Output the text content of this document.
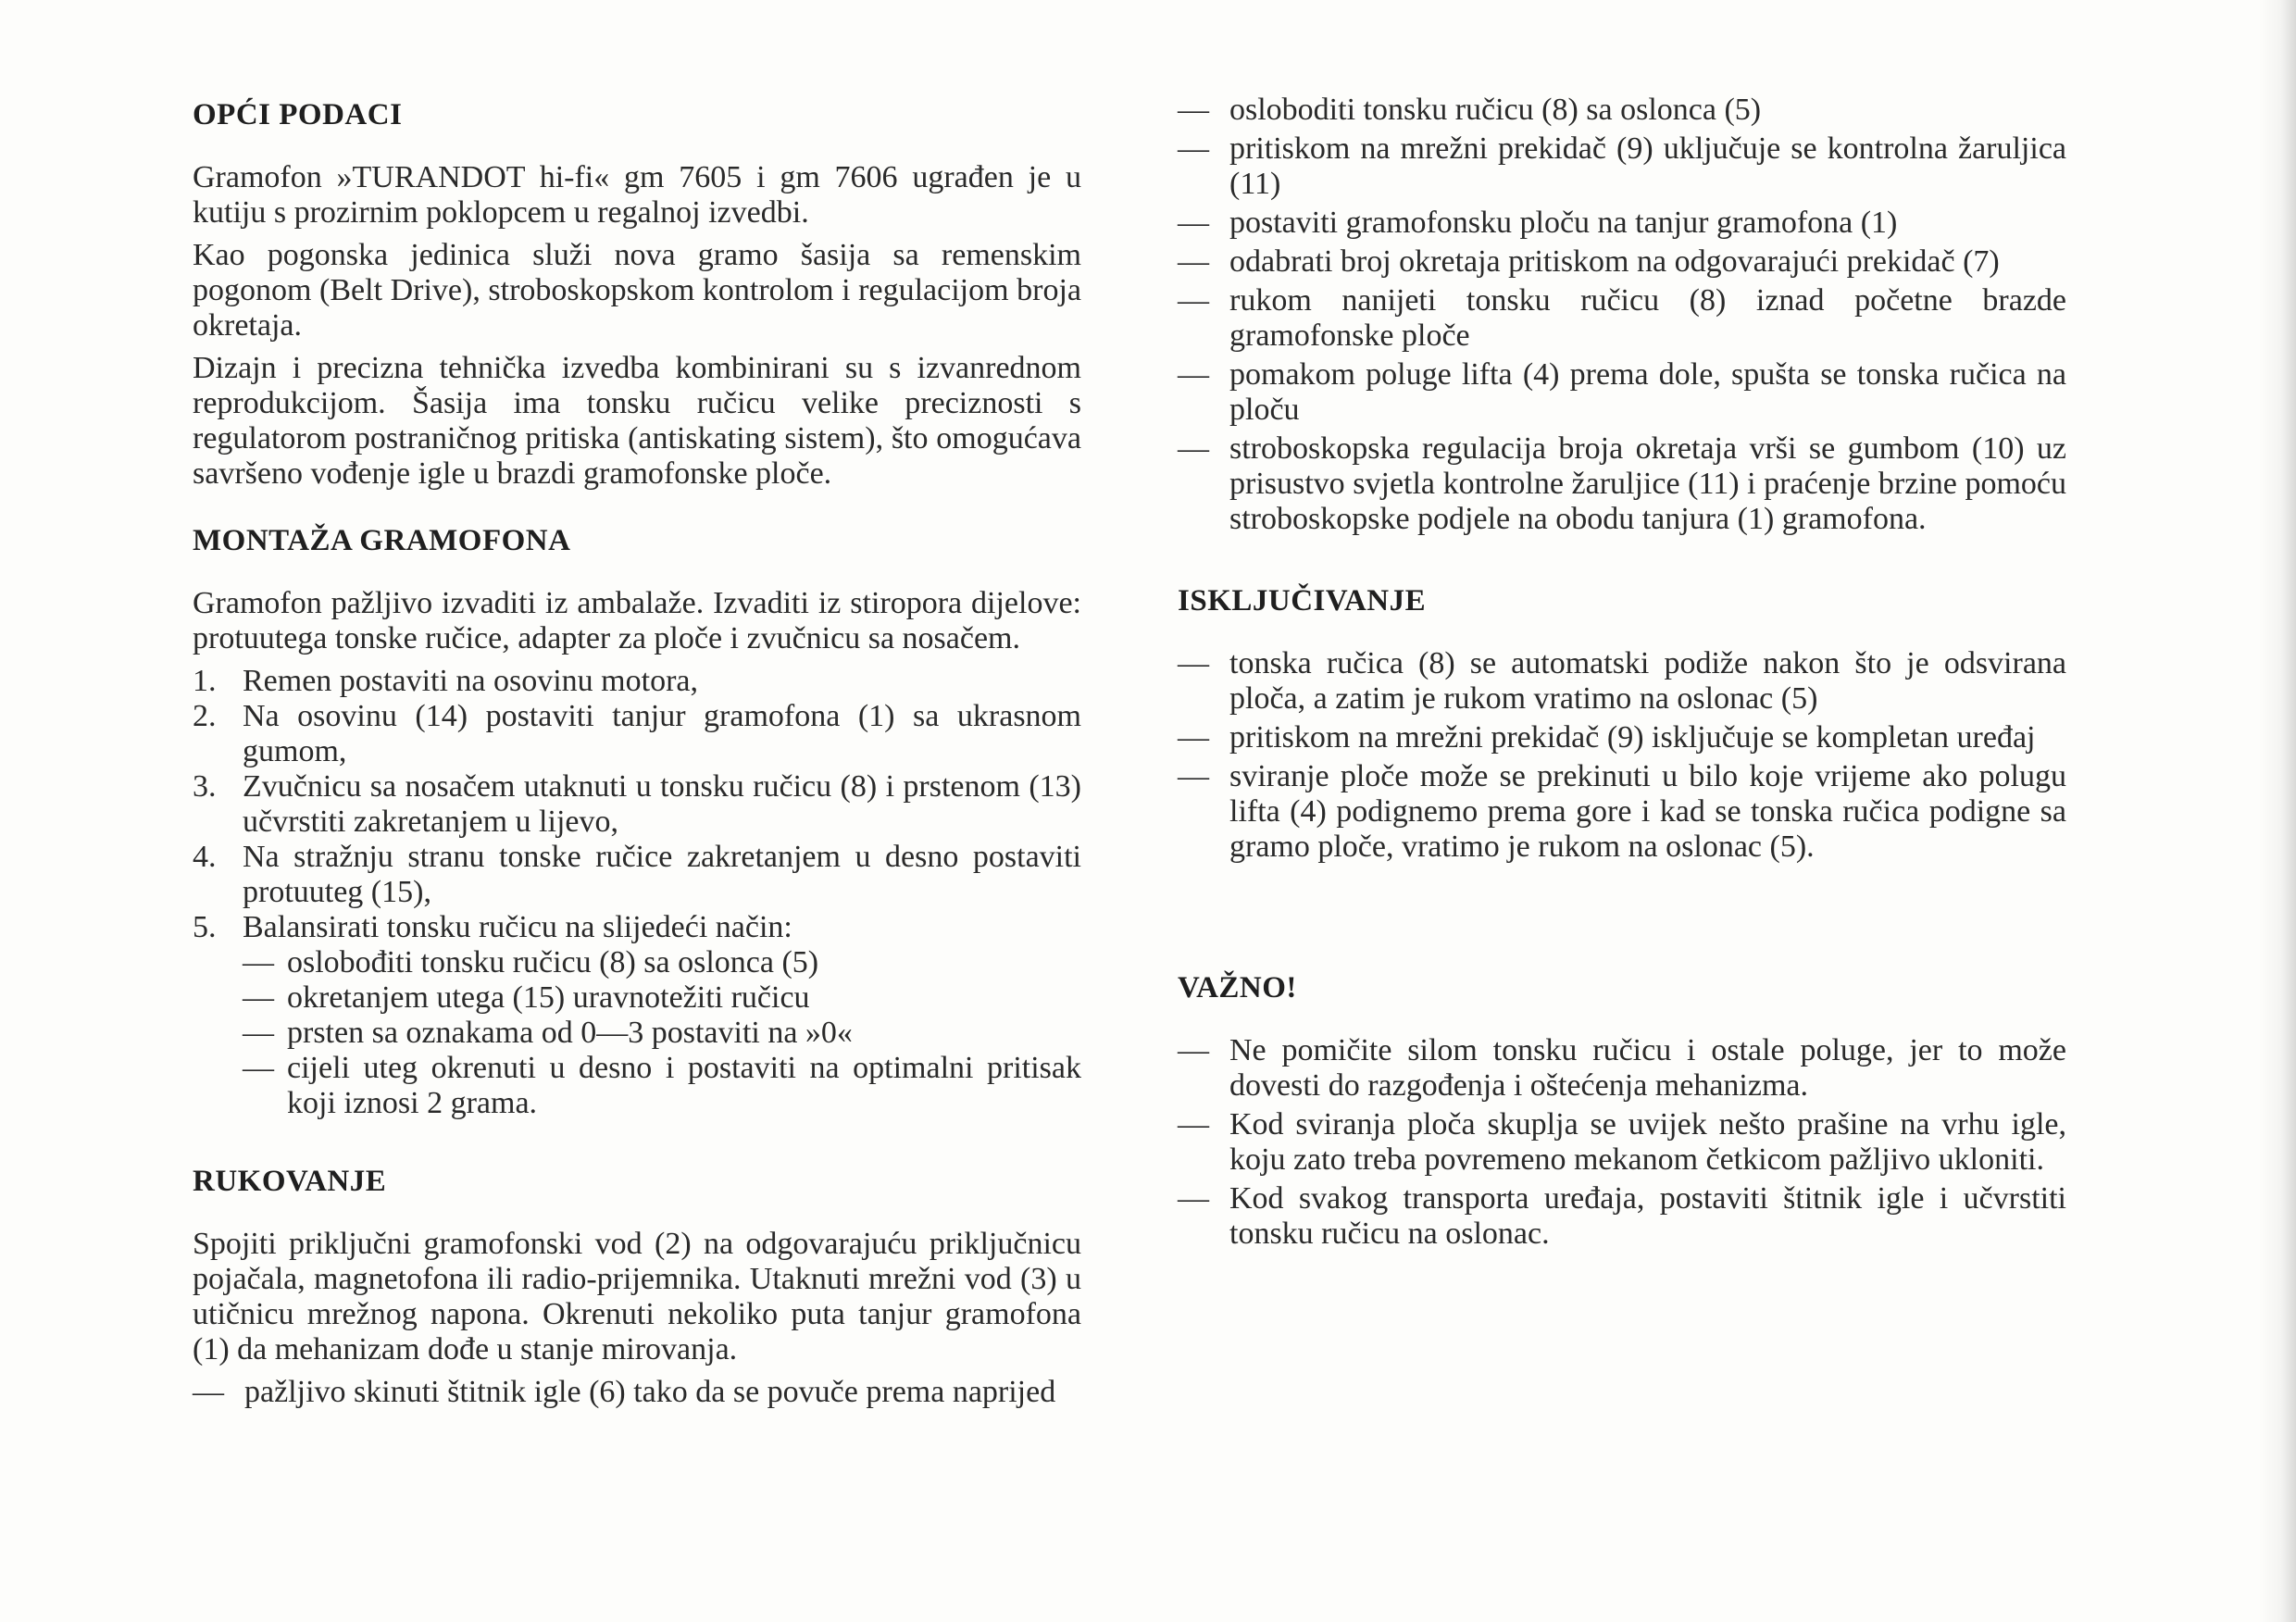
OPĆI PODACI

Gramofon »TURANDOT hi-fi« gm 7605 i gm 7606 ugrađen je u kutiju s prozirnim poklopcem u regalnoj izvedbi.

Kao pogonska jedinica služi nova gramo šasija sa remenskim pogonom (Belt Drive), stroboskopskom kontrolom i regulacijom broja okretaja.

Dizajn i precizna tehnička izvedba kombinirani su s izvanrednom reprodukcijom. Šasija ima tonsku ručicu velike preciznosti s regulatorom postraničnog pritiska (antiskating sistem), što omogućava savršeno vođenje igle u brazdi gramofonske ploče.

MONTAŽA GRAMOFONA

Gramofon pažljivo izvaditi iz ambalaže. Izvaditi iz stiropora dijelove: protuutega tonske ručice, adapter za ploče i zvučnicu sa nosačem.

1. Remen postaviti na osovinu motora,
2. Na osovinu (14) postaviti tanjur gramofona (1) sa ukrasnom gumom,
3. Zvučnicu sa nosačem utaknuti u tonsku ručicu (8) i prstenom (13) učvrstiti zakretanjem u lijevo,
4. Na stražnju stranu tonske ručice zakretanjem u desno postaviti protuuteg (15),
5. Balansirati tonsku ručicu na slijedeći način:
— oslobođiti tonsku ručicu (8) sa oslonca (5)
— okretanjem utega (15) uravnotežiti ručicu
— prsten sa oznakama od 0—3 postaviti na »0«
— cijeli uteg okrenuti u desno i postaviti na optimalni pritisak koji iznosi 2 grama.
RUKOVANJE

Spojiti priključni gramofonski vod (2) na odgovarajuću priključnicu pojačala, magnetofona ili radio-prijemnika. Utaknuti mrežni vod (3) u utičnicu mrežnog napona. Okrenuti nekoliko puta tanjur gramofona (1) da mehanizam dođe u stanje mirovanja.

— pažljivo skinuti štitnik igle (6) tako da se povuče prema naprijed
— osloboditi tonsku ručicu (8) sa oslonca (5)
— pritiskom na mrežni prekidač (9) uključuje se kontrolna žaruljica (11)
— postaviti gramofonsku ploču na tanjur gramofona (1)
— odabrati broj okretaja pritiskom na odgovarajući prekidač (7)
— rukom nanijeti tonsku ručicu (8) iznad početne brazde gramofonske ploče
— pomakom poluge lifta (4) prema dole, spušta se tonska ručica na ploču
— stroboskopska regulacija broja okretaja vrši se gumbom (10) uz prisustvo svjetla kontrolne žaruljice (11) i praćenje brzine pomoću stroboskopske podjele na obodu tanjura (1) gramofona.
ISKLJUČIVANJE
— tonska ručica (8) se automatski podiže nakon što je odsvirana ploča, a zatim je rukom vratimo na oslonac (5)
— pritiskom na mrežni prekidač (9) isključuje se kompletan uređaj
— sviranje ploče može se prekinuti u bilo koje vrijeme ako polugu lifta (4) podignemo prema gore i kad se tonska ručica podigne sa gramo ploče, vratimo je rukom na oslonac (5).
VAŽNO!
— Ne pomičite silom tonsku ručicu i ostale poluge, jer to može dovesti do razgođenja i oštećenja mehanizma.
— Kod sviranja ploča skuplja se uvijek nešto prašine na vrhu igle, koju zato treba povremeno mekanom četkicom pažljivo ukloniti.
— Kod svakog transporta uređaja, postaviti štitnik igle i učvrstiti tonsku ručicu na oslonac.
